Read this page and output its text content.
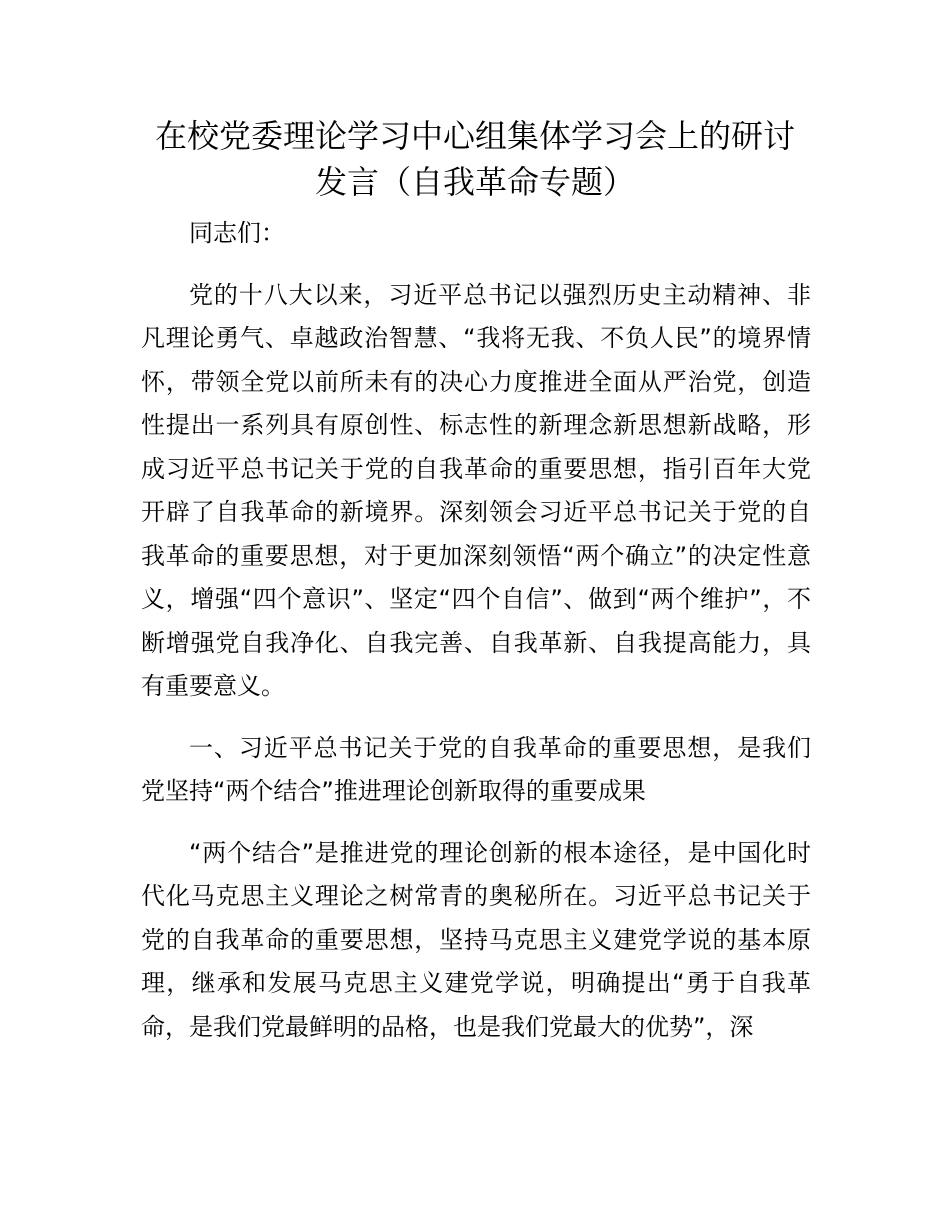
在校党委理论学习中心组集体学习会上的研讨
发言（自我革命专题）

同志们：

党的十八大以来，习近平总书记以强烈历史主动精神、非凡理论勇气、卓越政治智慧、“我将无我、不负人民”的境界情怀，带领全党以前所未有的决心力度推进全面从严治党，创造性提出一系列具有原创性、标志性的新理念新思想新战略，形成习近平总书记关于党的自我革命的重要思想，指引百年大党开辟了自我革命的新境界。深刻领会习近平总书记关于党的自我革命的重要思想，对于更加深刻领悟“两个确立”的决定性意义，增强“四个意识”、坚定“四个自信”、做到“两个维护”，不断增强党自我净化、自我完善、自我革新、自我提高能力，具有重要意义。

一、习近平总书记关于党的自我革命的重要思想，是我们党坚持“两个结合”推进理论创新取得的重要成果

“两个结合”是推进党的理论创新的根本途径，是中国化时代化马克思主义理论之树常青的奥秘所在。习近平总书记关于党的自我革命的重要思想，坚持马克思主义建党学说的基本原理，继承和发展马克思主义建党学说，明确提出“勇于自我革命，是我们党最鲜明的品格，也是我们党最大的优势”，深
